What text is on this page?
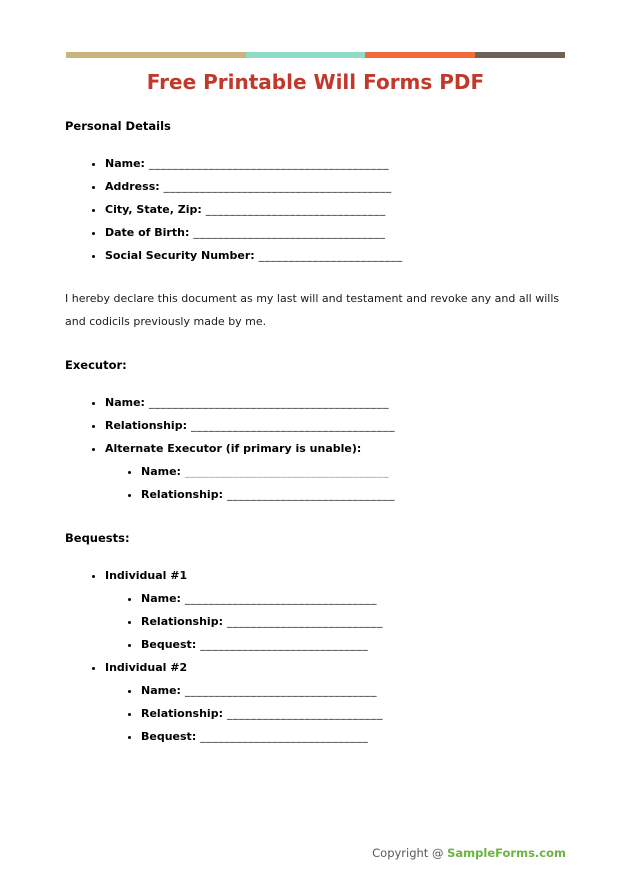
Free Printable Will Forms PDF
Personal Details
• Name: ________________________________________
• Address: ______________________________________
• City, State, Zip: ______________________________
• Date of Birth: ________________________________
• Social Security Number: ________________________

I hereby declare this document as my last will and testament and revoke any and all wills and codicils previously made by me.

Executor:
• Name: ________________________________________
• Relationship: __________________________________
• Alternate Executor (if primary is unable):
• Name: __________________________________
• Relationship: ____________________________
Bequests:
• Individual #1
• Name: ________________________________
• Relationship: __________________________
• Bequest: ____________________________
• Individual #2
• Name: ________________________________
• Relationship: __________________________
• Bequest: ____________________________
Copyright @ SampleForms.com
